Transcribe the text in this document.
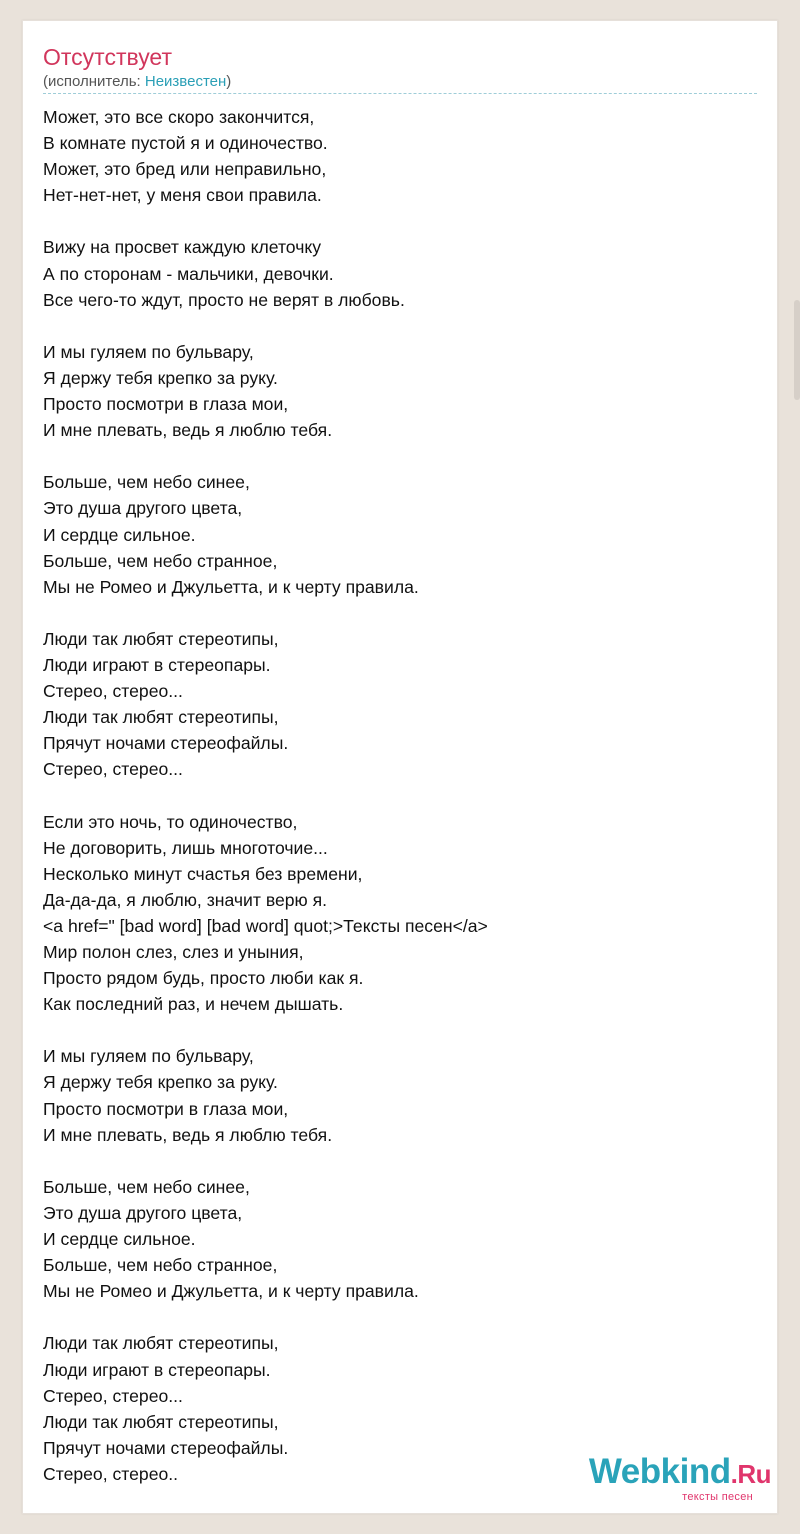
Отсутствует
(исполнитель: Неизвестен)
Может, это все скоро закончится,
В комнате пустой я и одиночество.
Может, это бред или неправильно,
Нет-нет-нет, у меня свои правила.
Вижу на просвет каждую клеточку
А по сторонам - мальчики, девочки.
Все чего-то ждут, просто не верят в любовь.
И мы гуляем по бульвару,
Я держу тебя крепко за руку.
Просто посмотри в глаза мои,
И мне плевать, ведь я люблю тебя.
Больше, чем небо синее,
Это душа другого цвета,
И сердце сильное.
Больше, чем небо странное,
Мы не Ромео и Джульетта, и к черту правила.
Люди так любят стереотипы,
Люди играют в стереопары.
Стерео, стерео...
Люди так любят стереотипы,
Прячут ночами стереофайлы.
Стерео, стерео...
Если это ночь, то одиночество,
Не договорить, лишь многоточие...
Несколько минут счастья без времени,
Да-да-да, я люблю, значит верю я.
<a href=" [bad word] [bad word] quot;>Тексты песен</a>
Мир полон слез, слез и уныния,
Просто рядом будь, просто люби как я.
Как последний раз, и нечем дышать.
И мы гуляем по бульвару,
Я держу тебя крепко за руку.
Просто посмотри в глаза мои,
И мне плевать, ведь я люблю тебя.
Больше, чем небо синее,
Это душа другого цвета,
И сердце сильное.
Больше, чем небо странное,
Мы не Ромео и Джульетта, и к черту правила.
Люди так любят стереотипы,
Люди играют в стереопары.
Стерео, стерео...
Люди так любят стереотипы,
Прячут ночами стереофайлы.
Стерео, стерео..	Webkind.Ru
тексты песен
